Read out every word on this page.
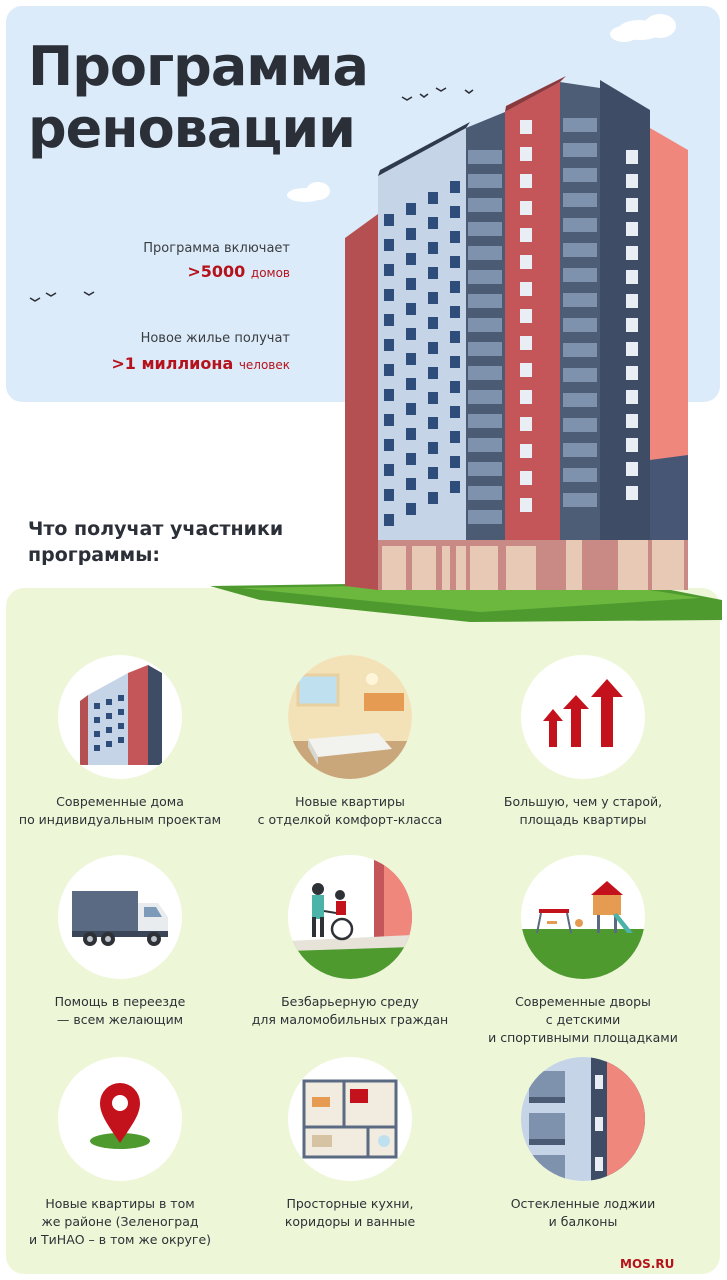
Программа
реновации
Программа включает
>5000 домов
Новое жилье получат
>1 миллиона человек
Что получат участники
программы:
Современные дома
по индивидуальным проектам
Новые квартиры
с отделкой комфорт-класса
Большую, чем у старой,
площадь квартиры
Помощь в переезде
— всем желающим
Безбарьерную среду
для маломобильных граждан
Современные дворы
с детскими
и спортивными площадками
Новые квартиры в том
же районе (Зеленоград
и ТиНАО – в том же округе)
Просторные кухни,
коридоры и ванные
Остекленные лоджии
и балконы
MOS.RU
